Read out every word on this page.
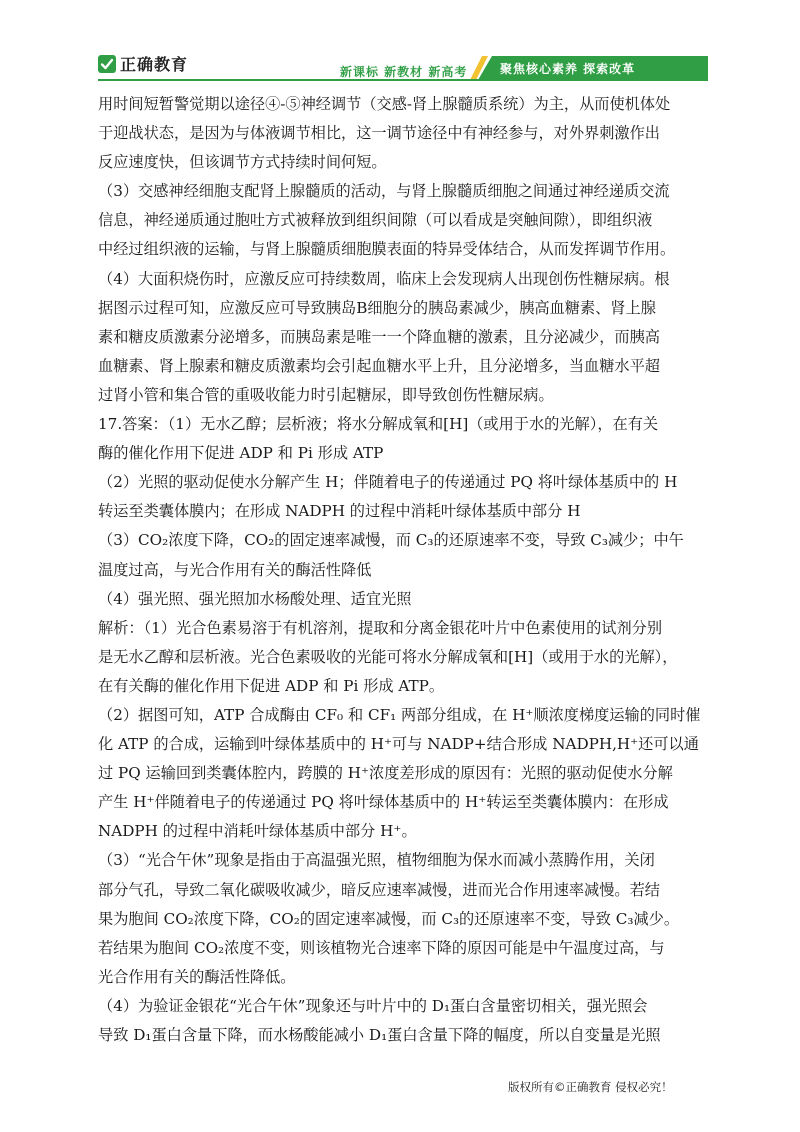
正确教育	新课标 新教材 新高考	聚焦核心素养 探索改革
用时间短暂警觉期以途径④-⑤神经调节（交感-肾上腺髓质系统）为主，从而使机体处
于迎战状态，是因为与体液调节相比，这一调节途径中有神经参与，对外界刺激作出
反应速度快，但该调节方式持续时间何短。
（3）交感神经细胞支配肾上腺髓质的活动，与肾上腺髓质细胞之间通过神经递质交流
信息，神经递质通过胞吐方式被释放到组织间隙（可以看成是突触间隙），即组织液
中经过组织液的运输，与肾上腺髓质细胞膜表面的特异受体结合，从而发挥调节作用。
（4）大面积烧伤时，应激反应可持续数周，临床上会发现病人出现创伤性糖尿病。根
据图示过程可知，应激反应可导致胰岛B细胞分的胰岛素减少，胰高血糖素、肾上腺
素和糖皮质激素分泌增多，而胰岛素是唯一一个降血糖的激素，且分泌减少，而胰高
血糖素、肾上腺素和糖皮质激素均会引起血糖水平上升，且分泌增多，当血糖水平超
过肾小管和集合管的重吸收能力时引起糖尿，即导致创伤性糖尿病。
17.答案：（1）无水乙醇；层析液；将水分解成氧和[H]（或用于水的光解），在有关
酶的催化作用下促进 ADP 和 Pi 形成 ATP
（2）光照的驱动促使水分解产生 H；伴随着电子的传递通过 PQ 将叶绿体基质中的 H
转运至类囊体膜内；在形成 NADPH 的过程中消耗叶绿体基质中部分 H
（3）CO₂浓度下降，CO₂的固定速率减慢，而 C₃的还原速率不变，导致 C₃减少；中午
温度过高，与光合作用有关的酶活性降低
（4）强光照、强光照加水杨酸处理、适宜光照
解析：（1）光合色素易溶于有机溶剂，提取和分离金银花叶片中色素使用的试剂分别
是无水乙醇和层析液。光合色素吸收的光能可将水分解成氧和[H]（或用于水的光解），
在有关酶的催化作用下促进 ADP 和 Pi 形成 ATP。
（2）据图可知，ATP 合成酶由 CF₀ 和 CF₁ 两部分组成，在 H⁺顺浓度梯度运输的同时催
化 ATP 的合成，运输到叶绿体基质中的 H⁺可与 NADP+结合形成 NADPH,H⁺还可以通
过 PQ 运输回到类囊体腔内，跨膜的 H⁺浓度差形成的原因有：光照的驱动促使水分解
产生 H⁺伴随着电子的传递通过 PQ 将叶绿体基质中的 H⁺转运至类囊体膜内：在形成
NADPH 的过程中消耗叶绿体基质中部分 H⁺。
（3）“光合午休”现象是指由于高温强光照，植物细胞为保水而减小蒸腾作用，关闭
部分气孔，导致二氧化碳吸收减少，暗反应速率减慢，进而光合作用速率减慢。若结
果为胞间 CO₂浓度下降，CO₂的固定速率减慢，而 C₃的还原速率不变，导致 C₃减少。
若结果为胞间 CO₂浓度不变，则该植物光合速率下降的原因可能是中午温度过高，与
光合作用有关的酶活性降低。
（4）为验证金银花“光合午休”现象还与叶片中的 D₁蛋白含量密切相关，强光照会
导致 D₁蛋白含量下降，而水杨酸能减小 D₁蛋白含量下降的幅度，所以自变量是光照
版权所有©正确教育 侵权必究！
